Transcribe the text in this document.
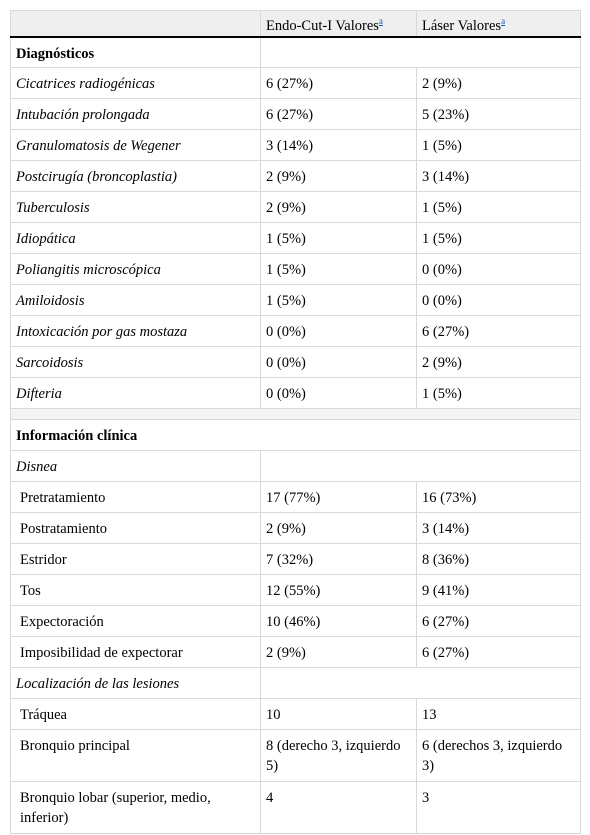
	Endo-Cut-I Valores$^a$	Láser Valores$^a$
Diagnósticos		
Cicatrices radiogénicas	6 (27%)	2 (9%)
Intubación prolongada	6 (27%)	5 (23%)
Granulomatosis de Wegener	3 (14%)	1 (5%)
Postcirugía (broncoplastia)	2 (9%)	3 (14%)
Tuberculosis	2 (9%)	1 (5%)
Idiopática	1 (5%)	1 (5%)
Poliangitis microscópica	1 (5%)	0 (0%)
Amiloidosis	1 (5%)	0 (0%)
Intoxicación por gas mostaza	0 (0%)	6 (27%)
Sarcoidosis	0 (0%)	2 (9%)
Difteria	0 (0%)	1 (5%)

Información clínica		
Disnea		
Pretratamiento	17 (77%)	16 (73%)
Postratamiento	2 (9%)	3 (14%)
Estridor	7 (32%)	8 (36%)
Tos	12 (55%)	9 (41%)
Expectoración	10 (46%)	6 (27%)
Imposibilidad de expectorar	2 (9%)	6 (27%)
Localización de las lesiones		
Tráquea	10	13
Bronquio principal	8 (derecho 3, izquierdo 5)	6 (derechos 3, izquierdo 3)
Bronquio lobar (superior, medio, inferior)	4	3
